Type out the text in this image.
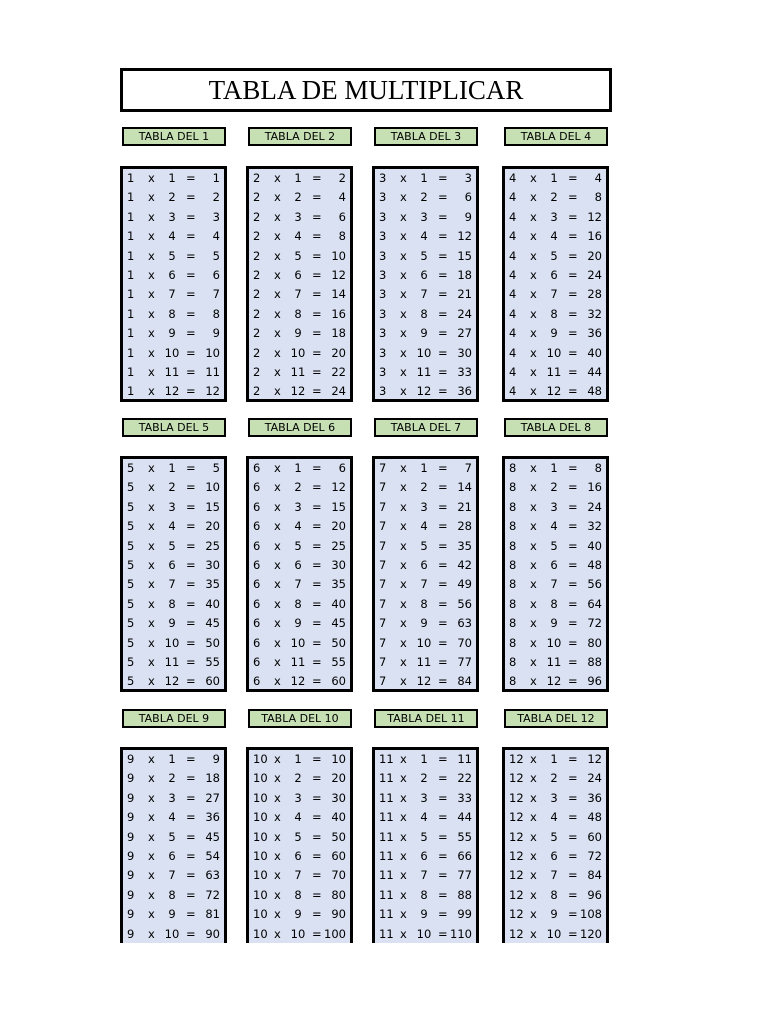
TABLA DE MULTIPLICAR
TABLA DEL 1
1 x	1 = 1
1 x	2 = 2
1 x	3 = 3
1 x	4 = 4
1 x	5 = 5
1 x	6 = 6
1 x	7 = 7
1 x	8 = 8
1 x	9 = 9
1 x 10 = 10
1 x 11 = 11
1 x 12 = 12
TABLA DEL 2
2 x	1 = 2
2 x	2 = 4
2 x	3 = 6
2 x	4 = 8
2 x	5 = 10
2 x	6 = 12
2 x	7 = 14
2 x	8 = 16
2 x	9 = 18
2 x 10 = 20
2 x 11 = 22
2 x 12 = 24
TABLA DEL 3
3 x	1 = 3
3 x	2 = 6
3 x	3 = 9
3 x	4 = 12
3 x	5 = 15
3 x	6 = 18
3 x	7 = 21
3 x	8 = 24
3 x	9 = 27
3 x 10 = 30
3 x 11 = 33
3 x 12 = 36
TABLA DEL 4
4 x	1 = 4
4 x	2 = 8
4 x	3 = 12
4 x	4 = 16
4 x	5 = 20
4 x	6 = 24
4 x	7 = 28
4 x	8 = 32
4 x	9 = 36
4 x 10 = 40
4 x 11 = 44
4 x 12 = 48
TABLA DEL 5
5 x	1 = 5
5 x	2 = 10
5 x	3 = 15
5 x	4 = 20
5 x	5 = 25
5 x	6 = 30
5 x	7 = 35
5 x	8 = 40
5 x	9 = 45
5 x 10 = 50
5 x 11 = 55
5 x 12 = 60
TABLA DEL 6
6 x	1 = 6
6 x	2 = 12
6 x	3 = 15
6 x	4 = 20
6 x	5 = 25
6 x	6 = 30
6 x	7 = 35
6 x	8 = 40
6 x	9 = 45
6 x 10 = 50
6 x 11 = 55
6 x 12 = 60
TABLA DEL 7
7 x	1 = 7
7 x	2 = 14
7 x	3 = 21
7 x	4 = 28
7 x	5 = 35
7 x	6 = 42
7 x	7 = 49
7 x	8 = 56
7 x	9 = 63
7 x 10 = 70
7 x 11 = 77
7 x 12 = 84
TABLA DEL 8
8 x	1 = 8
8 x	2 = 16
8 x	3 = 24
8 x	4 = 32
8 x	5 = 40
8 x	6 = 48
8 x	7 = 56
8 x	8 = 64
8 x	9 = 72
8 x 10 = 80
8 x 11 = 88
8 x 12 = 96
TABLA DEL 9
9 x	1 = 9
9 x	2 = 18
9 x	3 = 27
9 x	4 = 36
9 x	5 = 45
9 x	6 = 54
9 x	7 = 63
9 x	8 = 72
9 x	9 = 81
9 x 10 = 90
TABLA DEL 10
10 x	1 = 10
10 x	2 = 20
10 x	3 = 30
10 x	4 = 40
10 x	5 = 50
10 x	6 = 60
10 x	7 = 70
10 x	8 = 80
10 x	9 = 90
10 x 10 = 100
TABLA DEL 11
11 x	1 = 11
11 x	2 = 22
11 x	3 = 33
11 x	4 = 44
11 x	5 = 55
11 x	6 = 66
11 x	7 = 77
11 x	8 = 88
11 x	9 = 99
11 x 10 = 110
TABLA DEL 12
12 x	1 = 12
12 x	2 = 24
12 x	3 = 36
12 x	4 = 48
12 x	5 = 60
12 x	6 = 72
12 x	7 = 84
12 x	8 = 96
12 x	9 = 108
12 x 10 = 120
